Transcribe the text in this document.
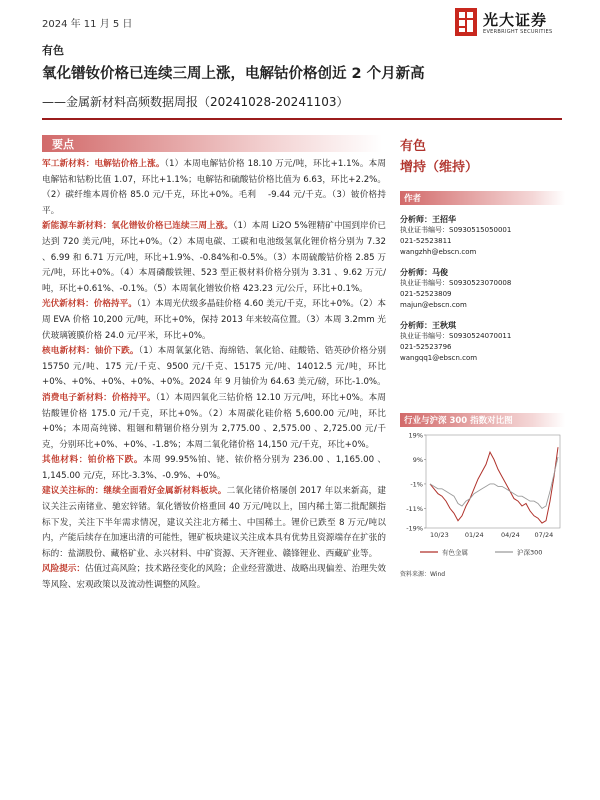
2024 年 11 月 5 日	光大证券
EVERBRIGHT SECURITIES
有色
氧化镨钕价格已连续三周上涨，电解钴价格创近 2 个月新高
——金属新材料高频数据周报（20241028-20241103）
要点

军工新材料：电解钴价格上涨。（1）本周电解钴价格 18.10 万元/吨，环比+1.1%。本周电解钴和钴粉比值 1.07，环比+1.1%；电解钴和硫酸钴价格比值为 6.63，环比+2.2%。（2）碳纤维本周价格 85.0 元/千克，环比+0%。毛利　 -9.44 元/千克。（3）铍价格持平。

新能源车新材料：氧化镨钕价格已连续三周上涨。（1）本周 Li2O 5%锂精矿中国到岸价已达到 720 美元/吨，环比+0%。（2）本周电碳、工碳和电池级氢氧化锂价格分别为 7.32 、6.99 和 6.71 万元/吨，环比+1.9%、-0.84%和-0.5%。（3）本周硫酸钴价格 2.85 万元/吨，环比+0%。（4）本周磷酸铁锂、523 型正极材料价格分别为 3.31 、9.62 万元/吨，环比+0.61%、-0.1%。（5）本周氧化镨钕价格 423.23 元/公斤，环比+0.1%。

光伏新材料：价格持平。（1）本周光伏级多晶硅价格 4.60 美元/千克，环比+0%。（2）本周 EVA 价格 10,200 元/吨，环比+0%，保持 2013 年来较高位置。（3）本周 3.2mm 光伏玻璃镀膜价格 24.0 元/平米，环比+0%。

核电新材料：铀价下跌。（1）本周氧氯化锆、海绵锆、氧化铪、硅酸锆、锆英砂价格分别 15750 元/吨、175 元/千克、9500 元/千克、15175 元/吨、14012.5 元/吨，环比+0%、+0%、+0%、+0%、+0%。2024 年 9 月铀价为 64.63 美元/磅，环比-1.0%。

消费电子新材料：价格持平。（1）本周四氧化三钴价格 12.10 万元/吨，环比+0%。本周钴酸锂价格 175.0 元/千克，环比+0%。（2）本周碳化硅价格 5,600.00 元/吨，环比 +0%；本周高纯锑、粗锢和精锢价格分别为 2,775.00 、2,575.00 、2,725.00 元/千克，分别环比+0%、+0%、-1.8%；本周二氧化锗价格 14,150 元/千克，环比+0%。

其他材料：铂价格下跌。本周 99.95%铂、铑、铱价格分别为 236.00 、1,165.00 、1,145.00 元/克，环比-3.3%、-0.9%、+0%。

建议关注标的：继续全面看好金属新材料板块。二氧化锗价格屡创 2017 年以来新高，建议关注云南锗业、驰宏锌锗。氧化镨钕价格重回 40 万元/吨以上，国内稀土第二批配额指标下发，关注下半年需求情况，建议关注北方稀土、中国稀土。锂价已跌至 8 万元/吨以内，产能后续存在加速出清的可能性，锂矿板块建议关注成本具有优势且资源端存在扩张的标的：盐湖股份、藏格矿业、永兴材料、中矿资源、天齐锂业、赣锋锂业、西藏矿业等。

风险提示：估值过高风险；技术路径变化的风险；企业经营激进、战略出现偏差、治理失效等风险、宏观政策以及流动性调整的风险。

有色
增持（维持）
作者
分析师：王招华
执业证书编号：S0930515050001
021-52523811
wangzhh@ebscn.com
分析师：马俊
执业证书编号：S0930523070008
021-52523809
majun@ebscn.com
分析师：王秋琪
执业证书编号：S0930524070011
021-52523796
wangqq1@ebscn.com
行业与沪深 300 指数对比图
19%
9%
-1%
-11%
-19%
10/23 01/24	04/24 07/24
有色金属	沪深300
资料来源：Wind
